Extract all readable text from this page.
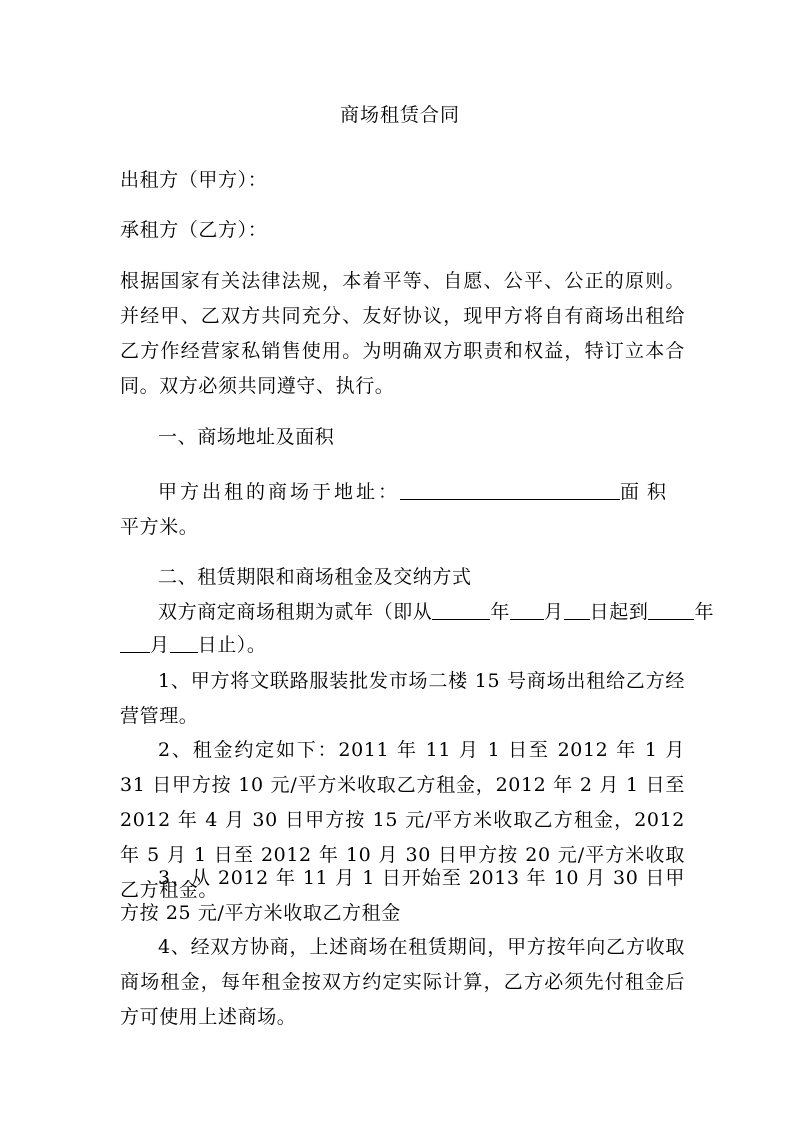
商场租赁合同
出租方（甲方）：
承租方（乙方）：
根据国家有关法律法规，本着平等、自愿、公平、公正的原则。并经甲、乙双方共同充分、友好协议，现甲方将自有商场出租给乙方作经营家私销售使用。为明确双方职责和权益，特订立本合同。双方必须共同遵守、执行。
一、商场地址及面积
甲方出租的商场于地址：	面积
平方米。
二、租赁期限和商场租金及交纳方式
双方商定商场租期为贰年（即从	年 月 日起到 年
月 日止）。
1、甲方将文联路服装批发市场二楼 15 号商场出租给乙方经营管理。
2、租金约定如下：2011 年 11 月 1 日至 2012 年 1 月 31 日甲方按 10 元/平方米收取乙方租金，2012 年 2 月 1 日至 2012 年 4 月 30 日甲方按 15 元/平方米收取乙方租金，2012 年 5 月 1 日至 2012 年 10 月 30 日甲方按 20 元/平方米收取乙方租金。
3、从 2012 年 11 月 1 日开始至 2013 年 10 月 30 日甲方按 25 元/平方米收取乙方租金
4、经双方协商，上述商场在租赁期间，甲方按年向乙方收取商场租金，每年租金按双方约定实际计算，乙方必须先付租金后方可使用上述商场。
